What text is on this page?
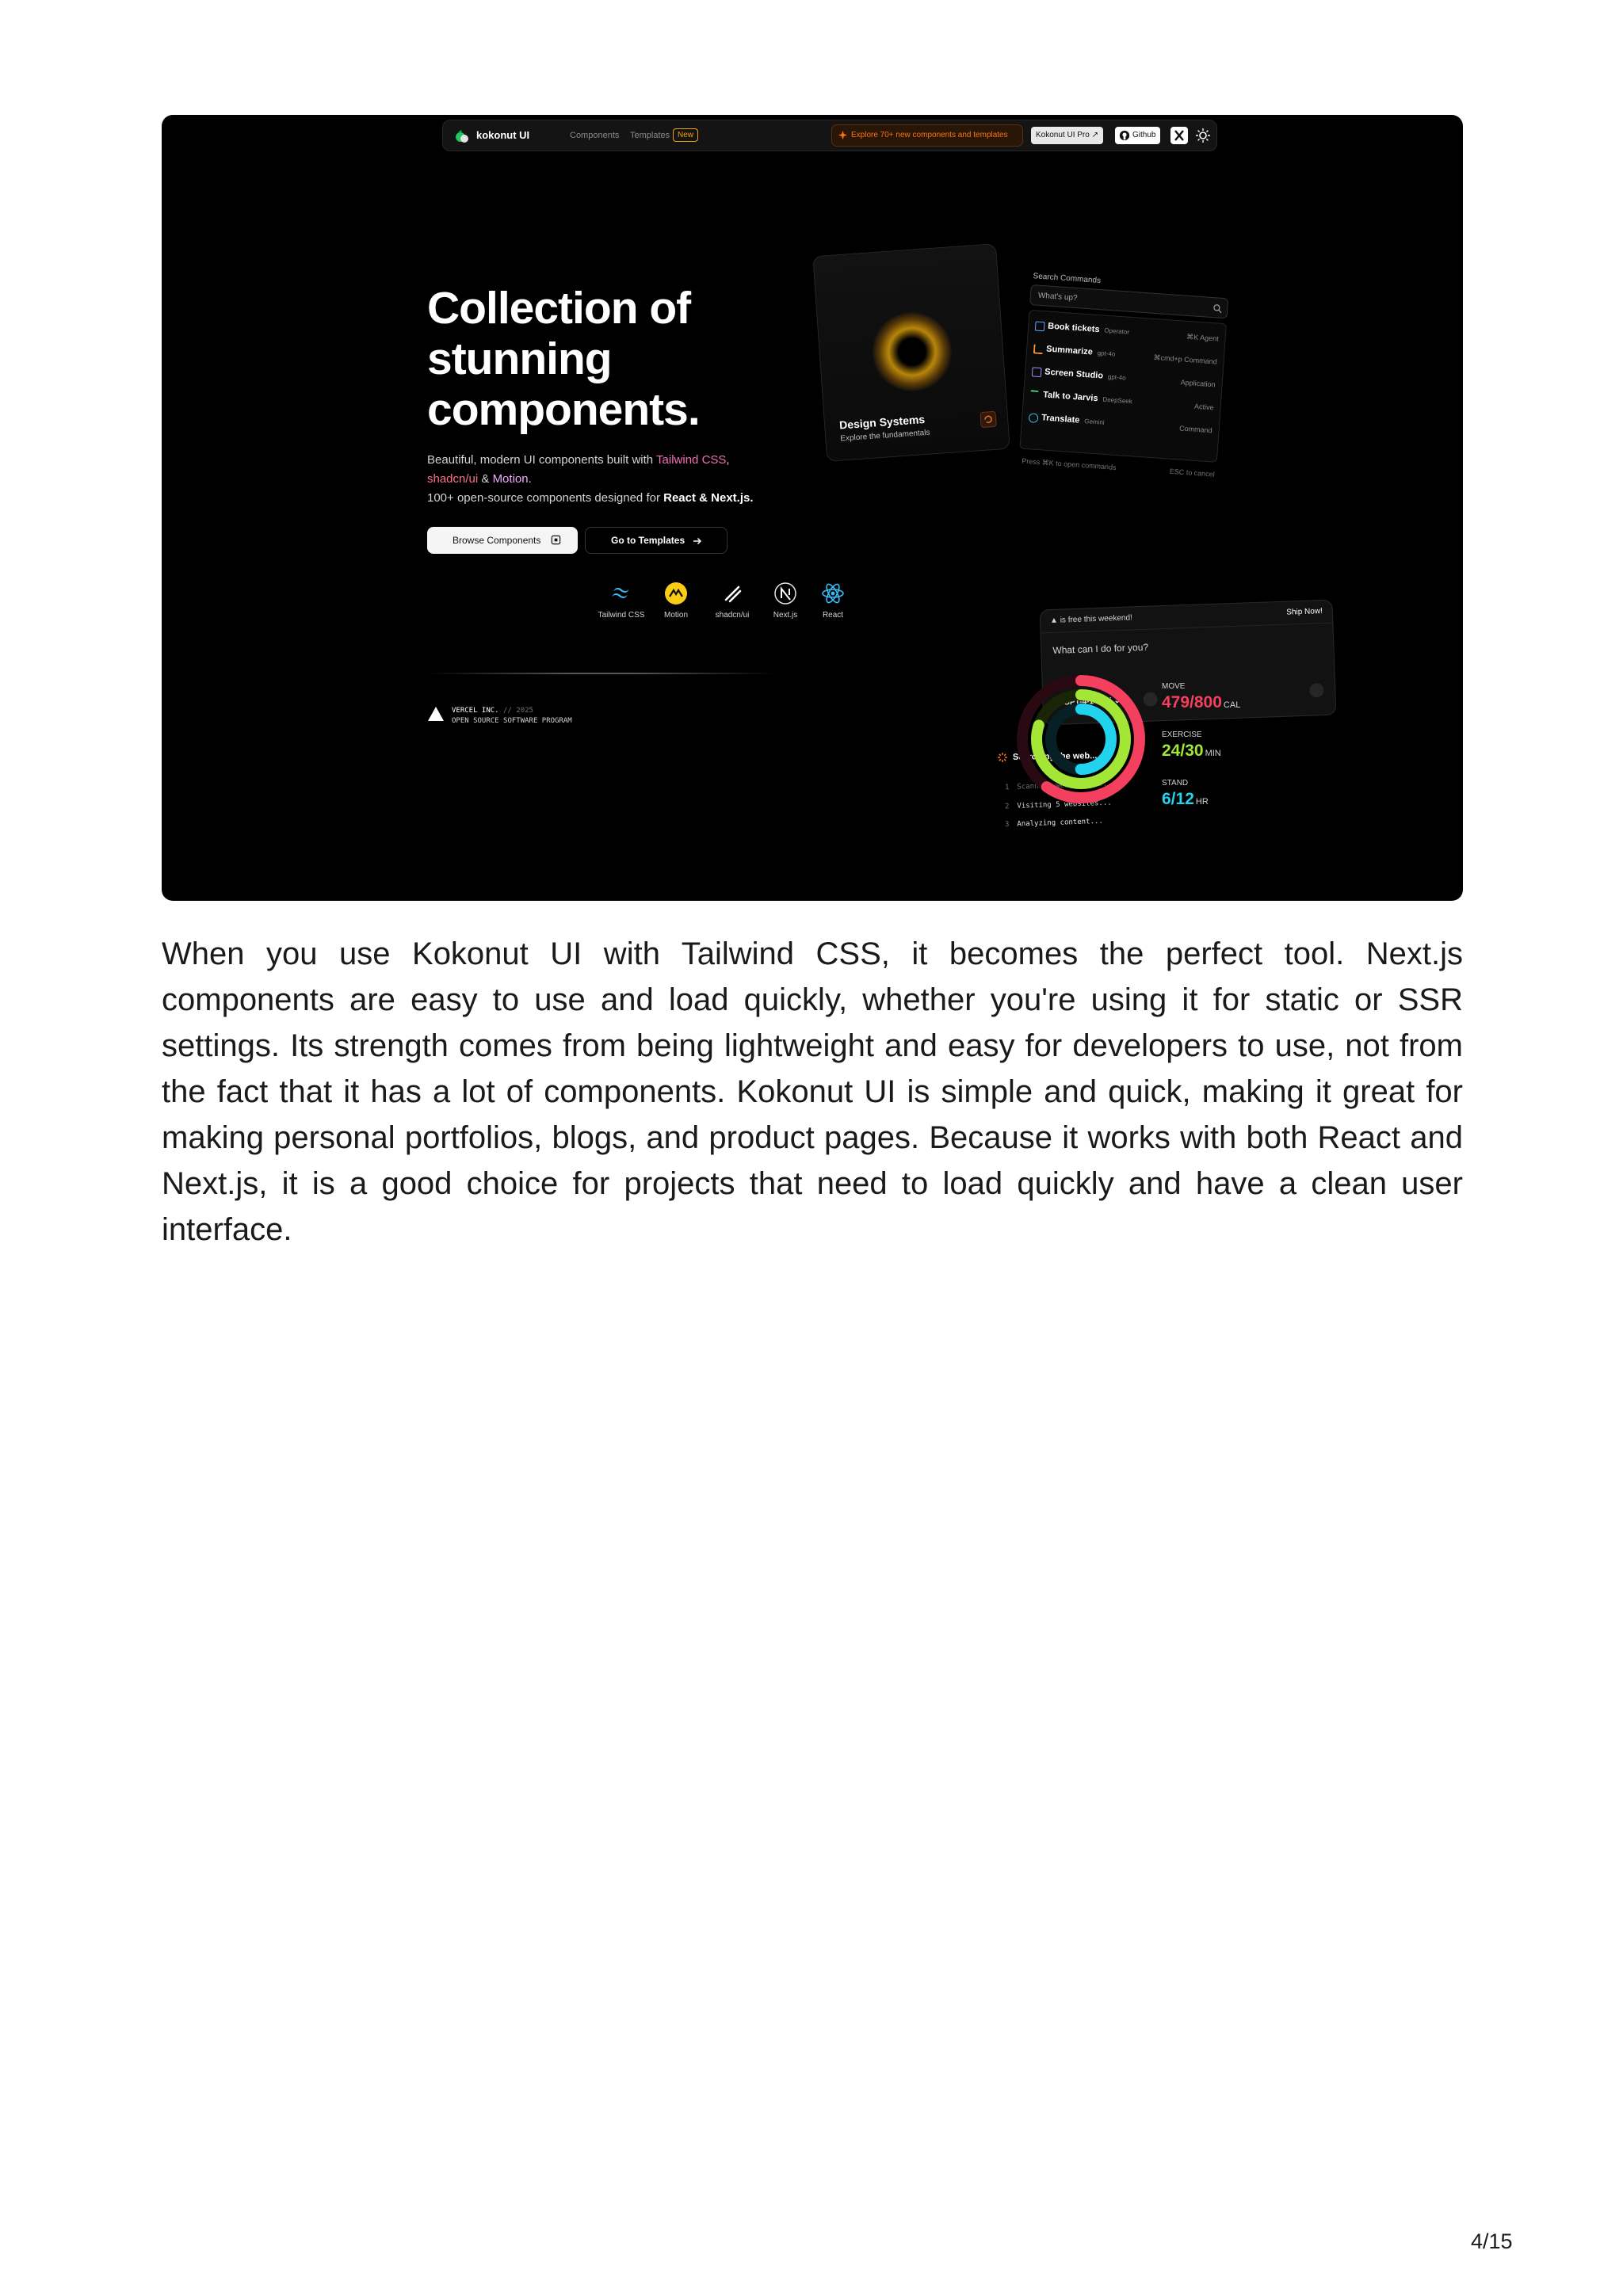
kokonut UI	Components Templates New	Explore 70+ new components and templates	Kokonut UI Pro ↗	Github
Collection of
stunning
components.
Beautiful, modern UI components built with Tailwind CSS,
shadcn/ui & Motion.
100+ open-source components designed for React & Next.js.
Browse Components	Go to Templates
Tailwind CSS	Motion	shadcn/ui	Next.js	React
VERCEL INC. // 2025
OPEN SOURCE SOFTWARE PROGRAM
Design Systems
Explore the fundamentals
Search Commands
What's up?
Book tickets Operator
⌘K Agent
Summarize gpt-4o	⌘cmd+p Command
Screen Studio gpt-4o
Application
Talk to Jarvis DeepSeek
Active
Translate Gemini
Command
Press ⌘K to open commands
ESC to cancel
▲ is free this weekend!
Ship Now!
What can I do for you?
◉ GPT-4-1 Mini ⌄
Searching the web...
1 Scanning web pages...
2 Visiting 5 websites...
3 Analyzing content...
MOVE
479/800 CAL
EXERCISE
24/30 MIN
STAND
6/12 HR

When you use Kokonut UI with Tailwind CSS, it becomes the perfect tool. Next.js components are easy to use and load quickly, whether you're using it for static or SSR settings. Its strength comes from being lightweight and easy for developers to use, not from the fact that it has a lot of components. Kokonut UI is simple and quick, making it great for making personal portfolios, blogs, and product pages. Because it works with both React and Next.js, it is a good choice for projects that need to load quickly and have a clean user interface.

4/15
